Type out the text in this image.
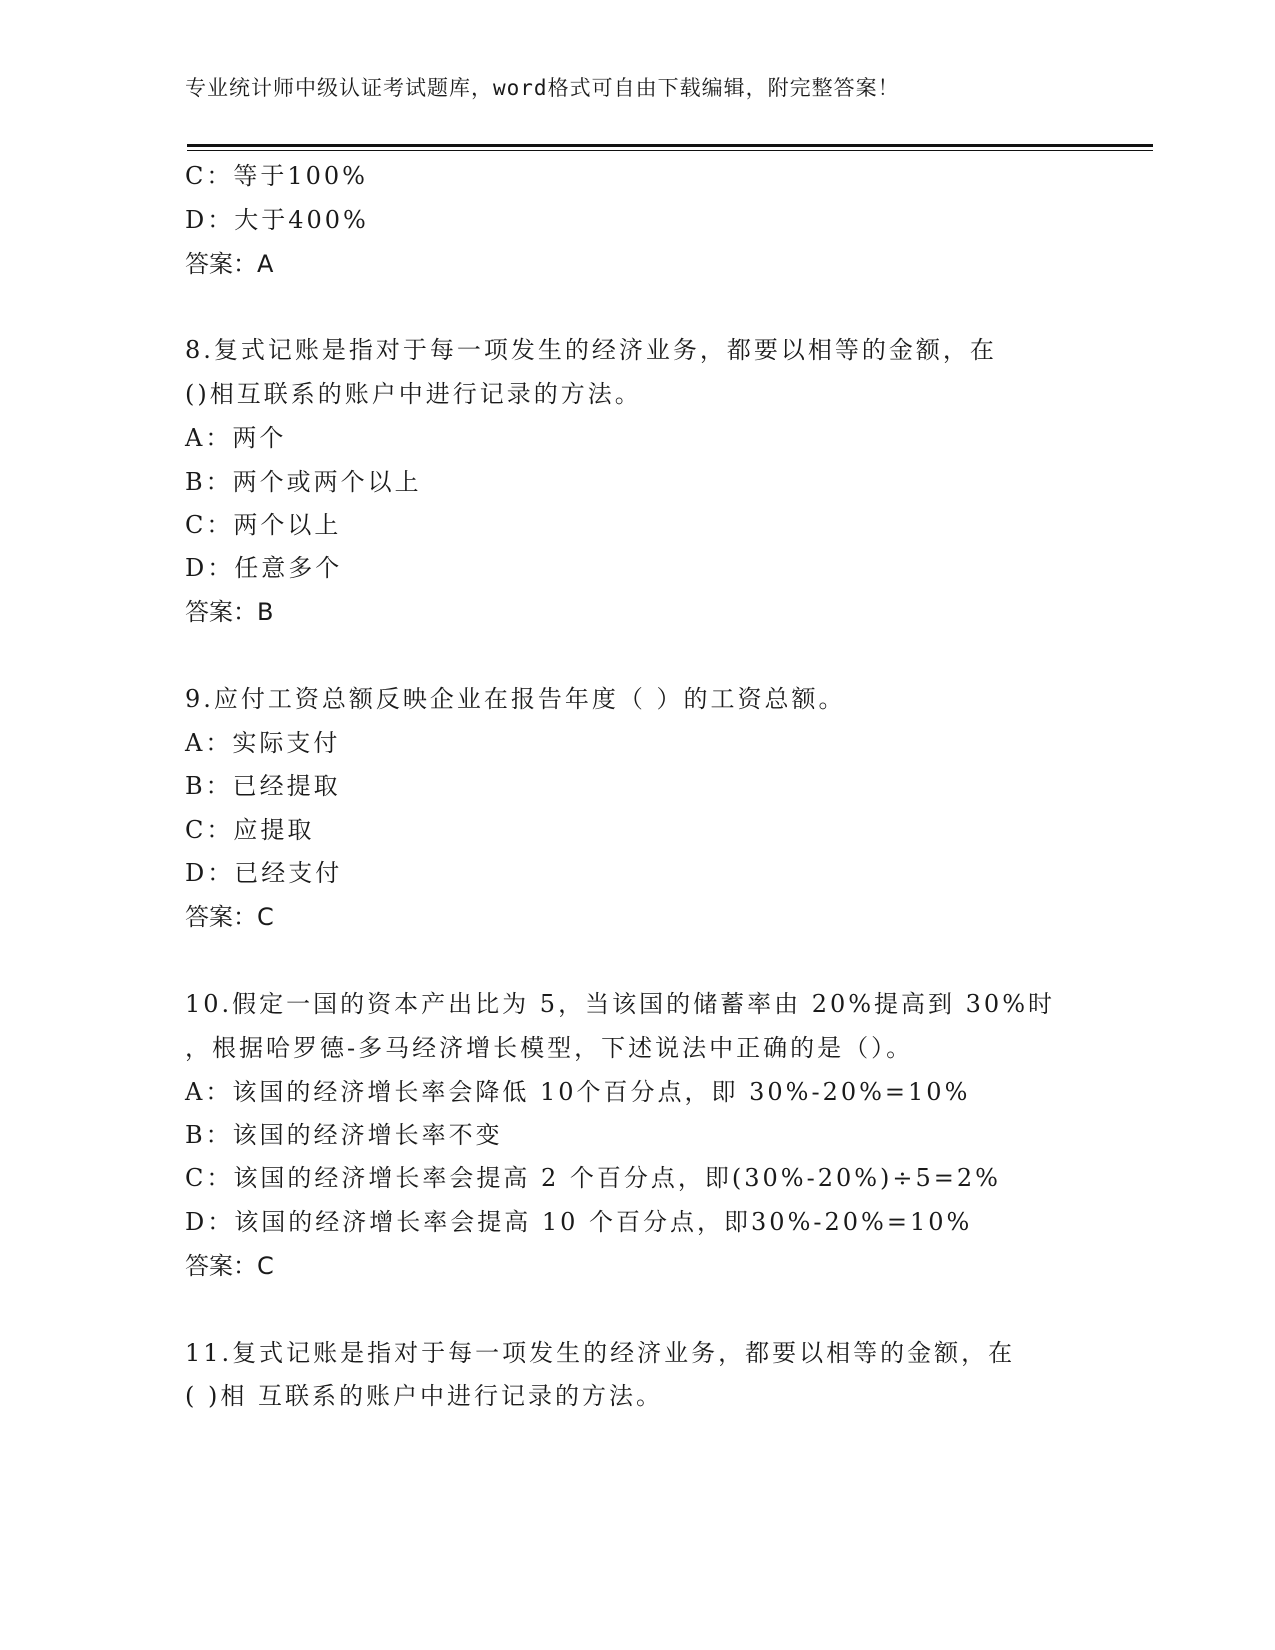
专业统计师中级认证考试题库，word格式可自由下载编辑，附完整答案！
C：等于100%
D：大于400%
答案：A
8.复式记账是指对于每一项发生的经济业务，都要以相等的金额，在
()相互联系的账户中进行记录的方法。
A：两个
B：两个或两个以上
C：两个以上
D：任意多个
答案：B
9.应付工资总额反映企业在报告年度（ ）的工资总额。
A：实际支付
B：已经提取
C：应提取
D：已经支付
答案：C
10.假定一国的资本产出比为 5，当该国的储蓄率由 20%提高到 30%时
，根据哈罗德-多马经济增长模型，下述说法中正确的是（）。
A：该国的经济增长率会降低 10个百分点，即 30%-20%=10%
B：该国的经济增长率不变
C：该国的经济增长率会提高 2 个百分点，即(30%-20%)÷5=2%
D：该国的经济增长率会提高 10 个百分点，即30%-20%=10%
答案：C
11.复式记账是指对于每一项发生的经济业务，都要以相等的金额，在
( )相 互联系的账户中进行记录的方法。
